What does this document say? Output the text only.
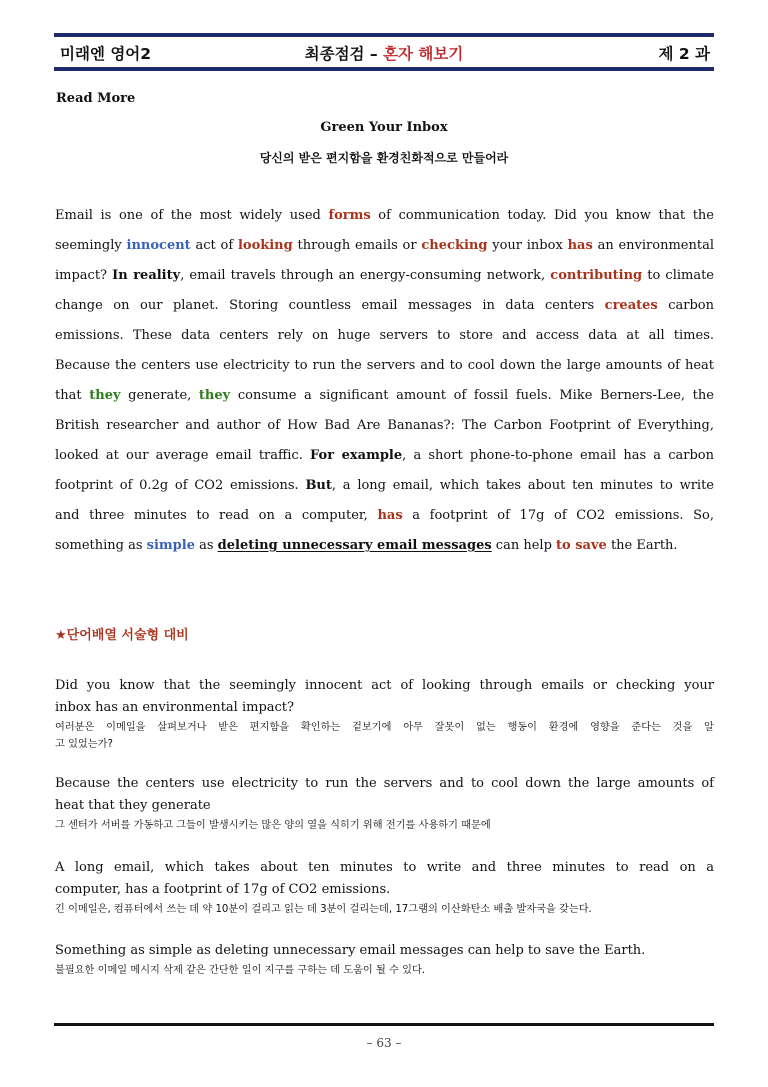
미래엔 영어2	최종점검 – 혼자 해보기	제 2 과
Read More
Green Your Inbox
당신의 받은 편지함을 환경친화적으로 만들어라
Email is one of the most widely used forms of communication today. Did you know that the
seemingly innocent act of looking through emails or checking your inbox has an environmental
impact? In reality, email travels through an energy-consuming network, contributing to climate
change on our planet. Storing countless email messages in data centers creates carbon
emissions. These data centers rely on huge servers to store and access data at all times.
Because the centers use electricity to run the servers and to cool down the large amounts of heat
that they generate, they consume a significant amount of fossil fuels. Mike Berners-Lee, the
British researcher and author of How Bad Are Bananas?: The Carbon Footprint of Everything,
looked at our average email traffic. For example, a short phone-to-phone email has a carbon
footprint of 0.2g of CO2 emissions. But, a long email, which takes about ten minutes to write
and three minutes to read on a computer, has a footprint of 17g of CO2 emissions. So,
something as simple as deleting unnecessary email messages can help to save the Earth.
★단어배열 서술형 대비
Did you know that the seemingly innocent act of looking through emails or checking your
inbox has an environmental impact?
여러분은 이메일을 살펴보거나 받은 편지함을 확인하는 겉보기에 아무 잘못이 없는 행동이 환경에 영향을 준다는 것을 알
고 있었는가?
Because the centers use electricity to run the servers and to cool down the large amounts of
heat that they generate
그 센터가 서버를 가동하고 그들이 발생시키는 많은 양의 열을 식히기 위해 전기를 사용하기 때문에
A long email, which takes about ten minutes to write and three minutes to read on a
computer, has a footprint of 17g of CO2 emissions.
긴 이메일은, 컴퓨터에서 쓰는 데 약 10분이 걸리고 읽는 데 3분이 걸리는데, 17그램의 이산화탄소 배출 발자국을 갖는다.
Something as simple as deleting unnecessary email messages can help to save the Earth.
불필요한 이메일 메시지 삭제 같은 간단한 일이 지구를 구하는 데 도움이 될 수 있다.
– 63 –
